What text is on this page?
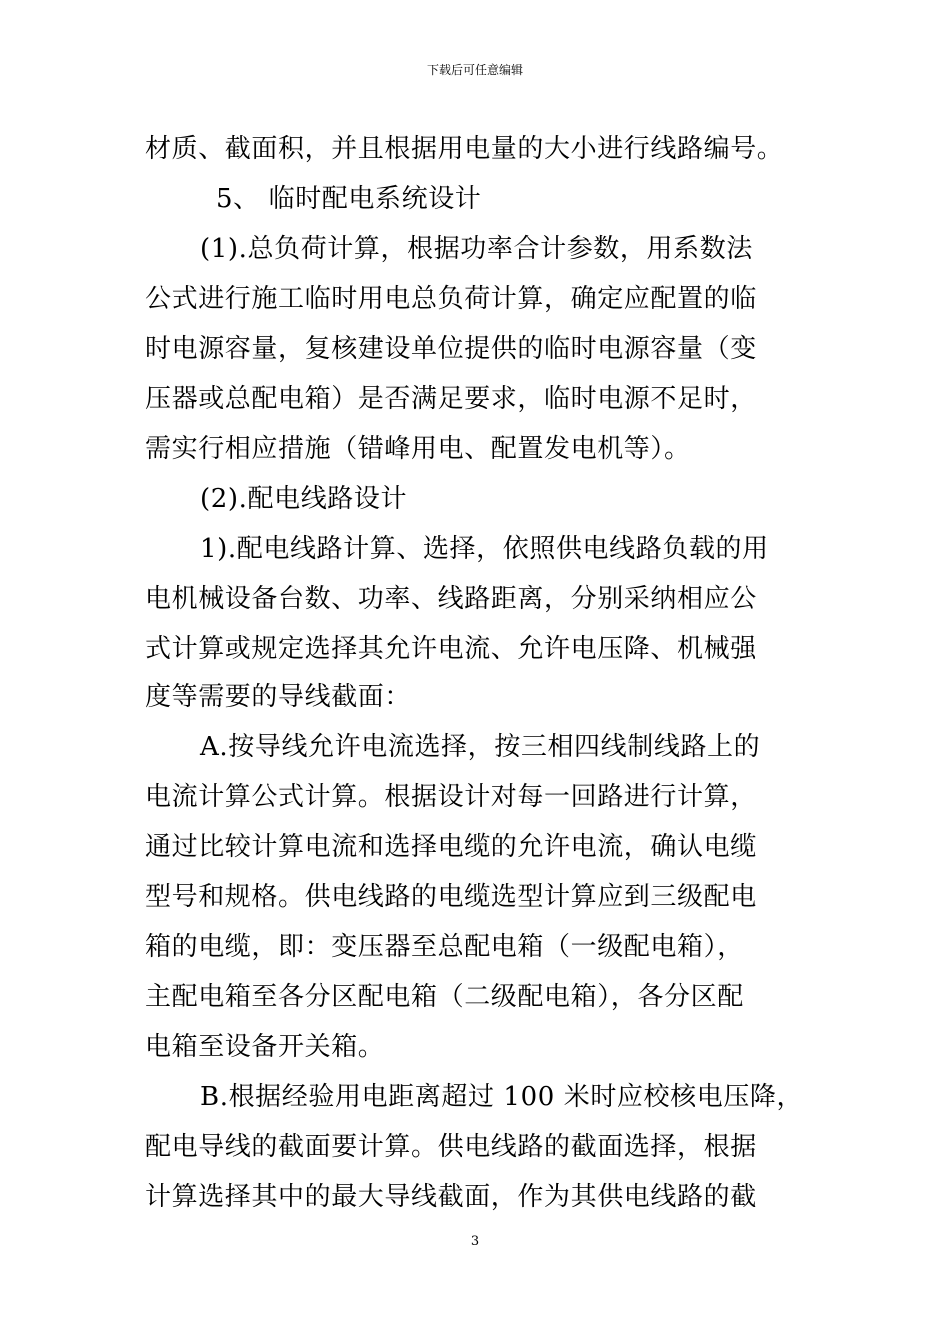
下载后可任意编辑
材质、截面积，并且根据用电量的大小进行线路编号。
5、 临时配电系统设计
(1).总负荷计算，根据功率合计参数，用系数法
公式进行施工临时用电总负荷计算，确定应配置的临
时电源容量，复核建设单位提供的临时电源容量（变
压器或总配电箱）是否满足要求，临时电源不足时，
需实行相应措施（错峰用电、配置发电机等）。
(2).配电线路设计
1).配电线路计算、选择，依照供电线路负载的用
电机械设备台数、功率、线路距离，分别采纳相应公
式计算或规定选择其允许电流、允许电压降、机械强
度等需要的导线截面：
A.按导线允许电流选择，按三相四线制线路上的
电流计算公式计算。根据设计对每一回路进行计算，
通过比较计算电流和选择电缆的允许电流，确认电缆
型号和规格。供电线路的电缆选型计算应到三级配电
箱的电缆，即：变压器至总配电箱（一级配电箱），
主配电箱至各分区配电箱（二级配电箱），各分区配
电箱至设备开关箱。
B.根据经验用电距离超过 100 米时应校核电压降，
配电导线的截面要计算。供电线路的截面选择，根据
计算选择其中的最大导线截面，作为其供电线路的截
3
